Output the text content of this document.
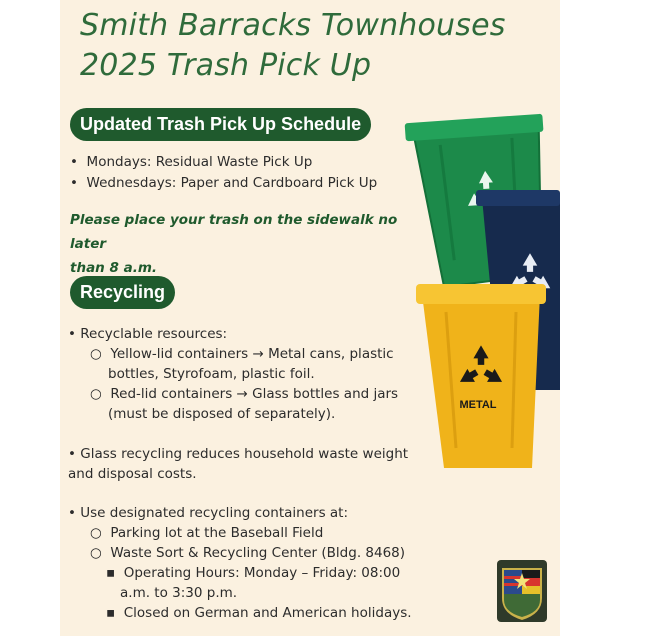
Smith Barracks Townhouses
2025 Trash Pick Up
Updated Trash Pick Up Schedule

•  Mondays: Residual Waste Pick Up

•  Wednesdays: Paper and Cardboard Pick Up

Please place your trash on the sidewalk no later
than 8 a.m.
Recycling

• Recyclable resources:

○  Yellow-lid containers → Metal cans, plastic

bottles, Styrofoam, plastic foil.

○  Red-lid containers → Glass bottles and jars

(must be disposed of separately).

• Glass recycling reduces household waste weight

and disposal costs.

• Use designated recycling containers at:

○  Parking lot at the Baseball Field

○  Waste Sort & Recycling Center (Bldg. 8468)

▪  Operating Hours: Monday – Friday: 08:00

a.m. to 3:30 p.m.

▪  Closed on German and American holidays.

METAL
